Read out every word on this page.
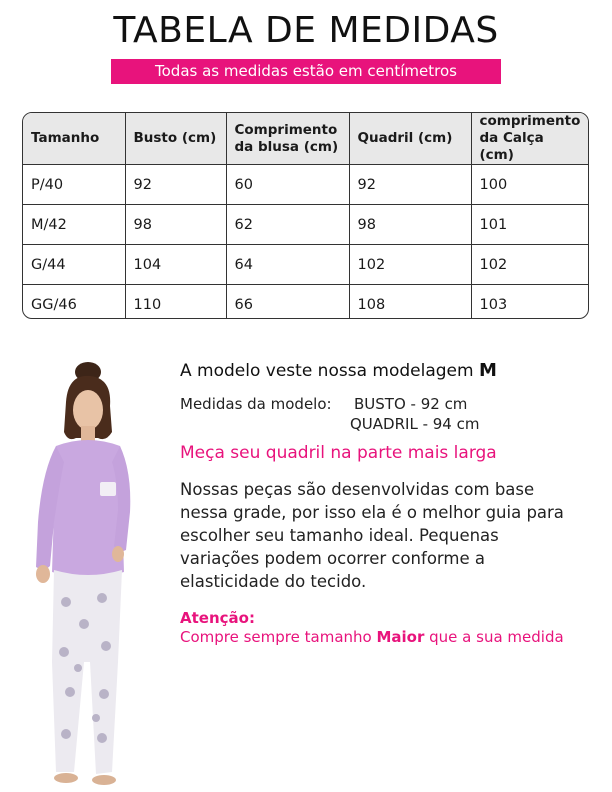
TABELA DE MEDIDAS
Todas as medidas estão em centímetros
Tamanho	Busto (cm)	Comprimento da blusa (cm)	Quadril (cm)	comprimento da Calça (cm)
P/40	92	60	92	100
M/42	98	62	98	101
G/44	104	64	102	102
GG/46	110	66	108	103
A modelo veste nossa modelagem M
Medidas da modelo:	BUSTO - 92 cm
QUADRIL - 94 cm
Meça seu quadril na parte mais larga
Nossas peças são desenvolvidas com base nessa grade, por isso ela é o melhor guia para escolher seu tamanho ideal. Pequenas variações podem ocorrer conforme a elasticidade do tecido.
Atenção:
Compre sempre tamanho Maior que a sua medida
